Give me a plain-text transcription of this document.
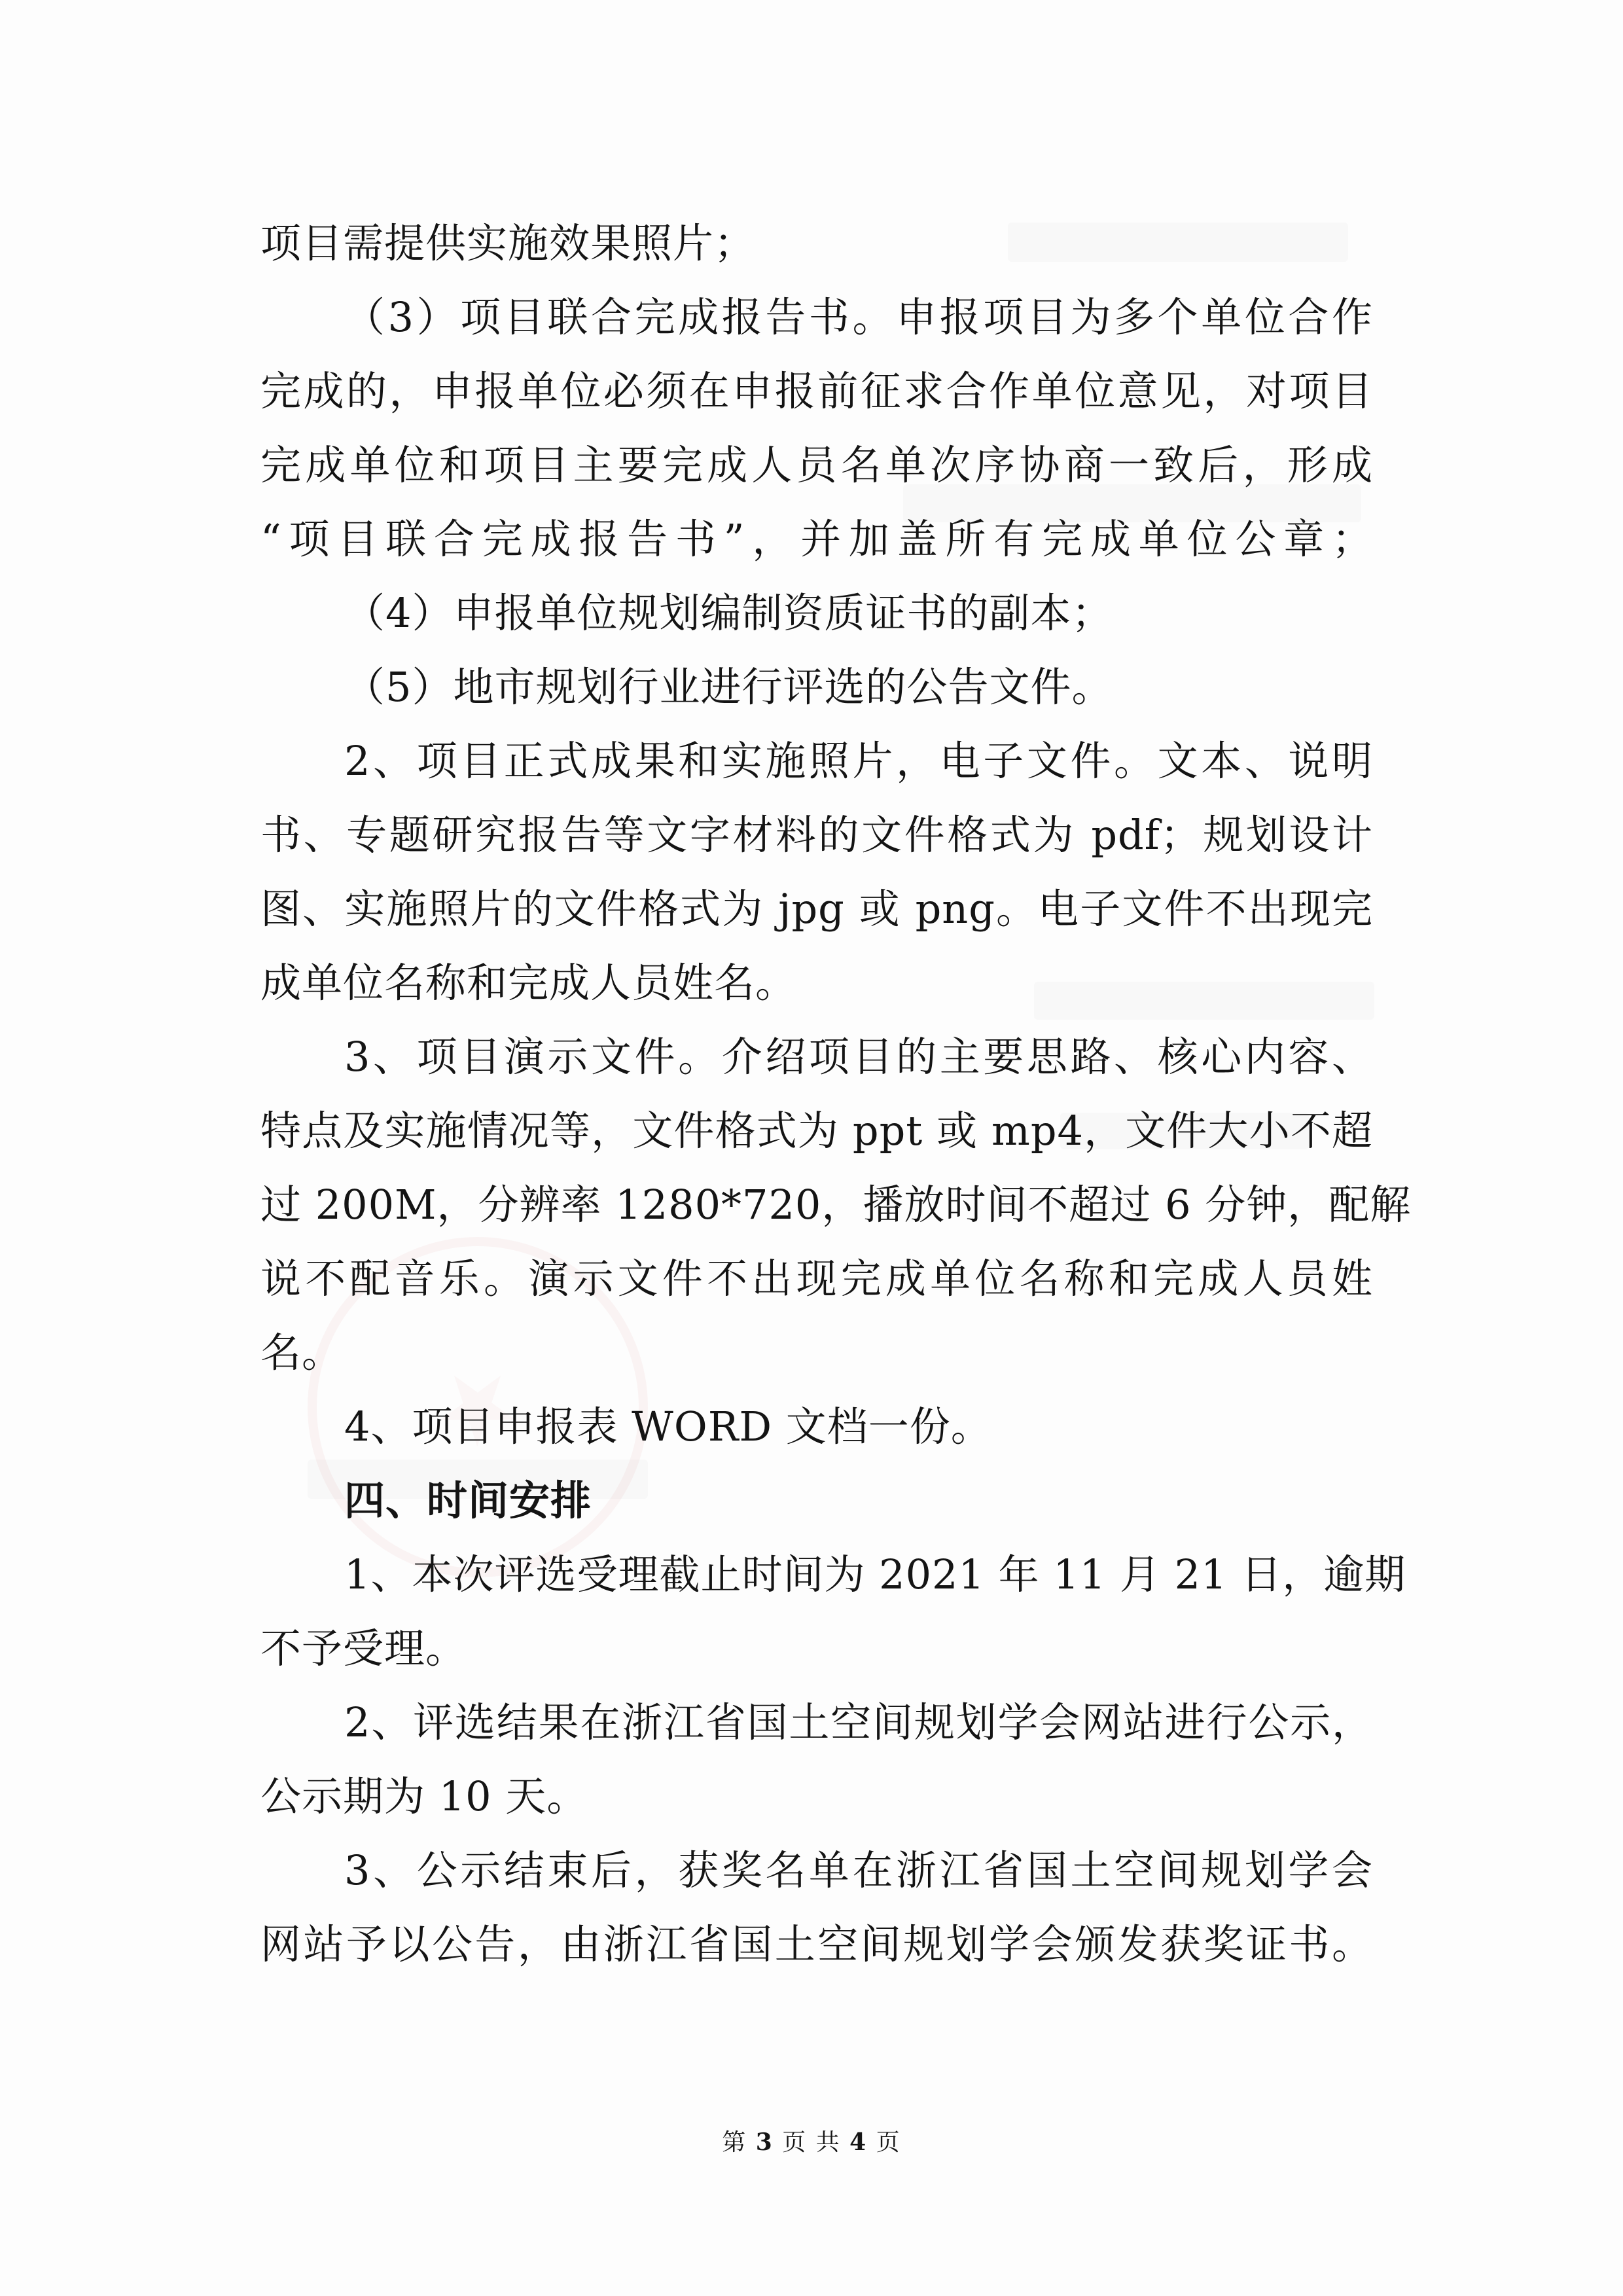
项目需提供实施效果照片；
（3）项目联合完成报告书。申报项目为多个单位合作
完成的，申报单位必须在申报前征求合作单位意见，对项目
完成单位和项目主要完成人员名单次序协商一致后，形成
“项目联合完成报告书”，并加盖所有完成单位公章；
（4）申报单位规划编制资质证书的副本；
（5）地市规划行业进行评选的公告文件。
2、项目正式成果和实施照片，电子文件。文本、说明
书、专题研究报告等文字材料的文件格式为 pdf；规划设计
图、实施照片的文件格式为 jpg 或 png。电子文件不出现完
成单位名称和完成人员姓名。
3、项目演示文件。介绍项目的主要思路、核心内容、
特点及实施情况等，文件格式为 ppt 或 mp4，文件大小不超
过 200M，分辨率 1280*720，播放时间不超过 6 分钟，配解
说不配音乐。演示文件不出现完成单位名称和完成人员姓
名。
4、项目申报表 WORD 文档一份。
四、时间安排
1、本次评选受理截止时间为 2021 年 11 月 21 日，逾期
不予受理。
2、评选结果在浙江省国土空间规划学会网站进行公示，
公示期为 10 天。
3、公示结束后，获奖名单在浙江省国土空间规划学会
网站予以公告，由浙江省国土空间规划学会颁发获奖证书。
第 3 页 共 4 页
